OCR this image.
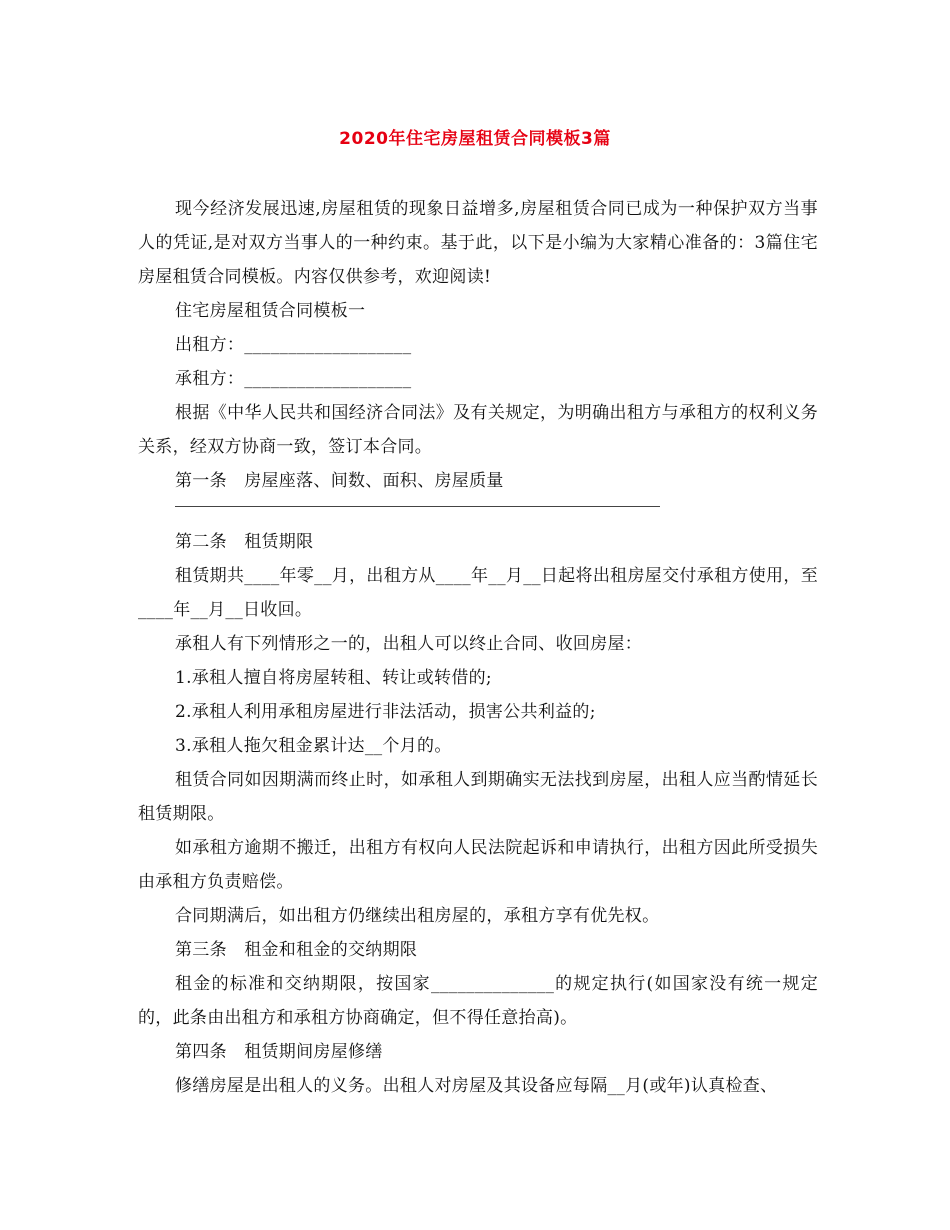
2020年住宅房屋租赁合同模板3篇

现今经济发展迅速,房屋租赁的现象日益增多,房屋租赁合同已成为一种保护双方当事人的凭证,是对双方当事人的一种约束。基于此，以下是小编为大家精心准备的：3篇住宅房屋租赁合同模板。内容仅供参考，欢迎阅读!

住宅房屋租赁合同模板一

出租方：___________________

承租方：___________________

根据《中华人民共和国经济合同法》及有关规定，为明确出租方与承租方的权利义务关系，经双方协商一致，签订本合同。

第一条　房屋座落、间数、面积、房屋质量

第二条　租赁期限

租赁期共____年零__月，出租方从____年__月__日起将出租房屋交付承租方使用，至____年__月__日收回。

承租人有下列情形之一的，出租人可以终止合同、收回房屋：

1.承租人擅自将房屋转租、转让或转借的;

2.承租人利用承租房屋进行非法活动，损害公共利益的;

3.承租人拖欠租金累计达__个月的。

租赁合同如因期满而终止时，如承租人到期确实无法找到房屋，出租人应当酌情延长租赁期限。

如承租方逾期不搬迁，出租方有权向人民法院起诉和申请执行，出租方因此所受损失由承租方负责赔偿。

合同期满后，如出租方仍继续出租房屋的，承租方享有优先权。

第三条　租金和租金的交纳期限

租金的标准和交纳期限，按国家______________的规定执行(如国家没有统一规定的，此条由出租方和承租方协商确定，但不得任意抬高)。

第四条　租赁期间房屋修缮

修缮房屋是出租人的义务。出租人对房屋及其设备应每隔__月(或年)认真检查、
